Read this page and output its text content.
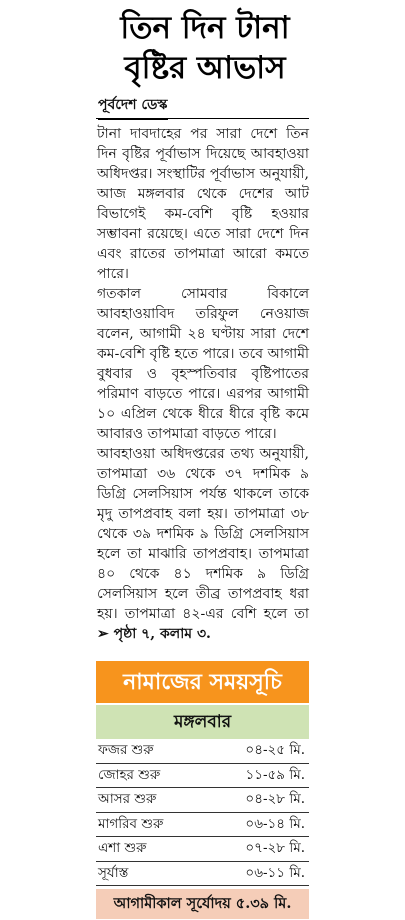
তিন দিন টানা
বৃষ্টির আভাস
পূর্বদেশ ডেস্ক

টানা দাবদাহের পর সারা দেশে তিন দিন বৃষ্টির পূর্বাভাস দিয়েছে আবহাওয়া অধিদপ্তর। সংস্থাটির পূর্বাভাস অনুযায়ী, আজ মঙ্গলবার থেকে দেশের আট বিভাগেই কম-বেশি বৃষ্টি হওয়ার সম্ভাবনা রয়েছে। এতে সারা দেশে দিন এবং রাতের তাপমাত্রা আরো কমতে পারে।

গতকাল সোমবার বিকালে আবহাওয়াবিদ তরিফুল নেওয়াজ বলেন, আগামী ২৪ ঘণ্টায় সারা দেশে কম-বেশি বৃষ্টি হতে পারে। তবে আগামী বুধবার ও বৃহস্পতিবার বৃষ্টিপাতের পরিমাণ বাড়তে পারে। এরপর আগামী ১০ এপ্রিল থেকে ধীরে ধীরে বৃষ্টি কমে আবারও তাপমাত্রা বাড়তে পারে।

আবহাওয়া অধিদপ্তরের তথ্য অনুযায়ী, তাপমাত্রা ৩৬ থেকে ৩৭ দশমিক ৯ ডিগ্রি সেলসিয়াস পর্যন্ত থাকলে তাকে মৃদু তাপপ্রবাহ বলা হয়। তাপমাত্রা ৩৮ থেকে ৩৯ দশমিক ৯ ডিগ্রি সেলসিয়াস হলে তা মাঝারি তাপপ্রবাহ। তাপমাত্রা ৪০ থেকে ৪১ দশমিক ৯ ডিগ্রি সেলসিয়াস হলে তীব্র তাপপ্রবাহ ধরা হয়। তাপমাত্রা ৪২-এর বেশি হলে তা ➢ পৃষ্ঠা ৭, কলাম ৩.

নামাজের সময়সূচি
মঙ্গলবার
ফজর শুরু	০৪-২৫ মি.
জোহর শুরু	১১-৫৯ মি.
আসর শুরু	০৪-২৮ মি.
মাগরিব শুরু	০৬-১৪ মি.
এশা শুরু	০৭-২৮ মি.
সূর্যাস্ত	০৬-১১ মি.
আগামীকাল সূর্যোদয় ৫.৩৯ মি.
